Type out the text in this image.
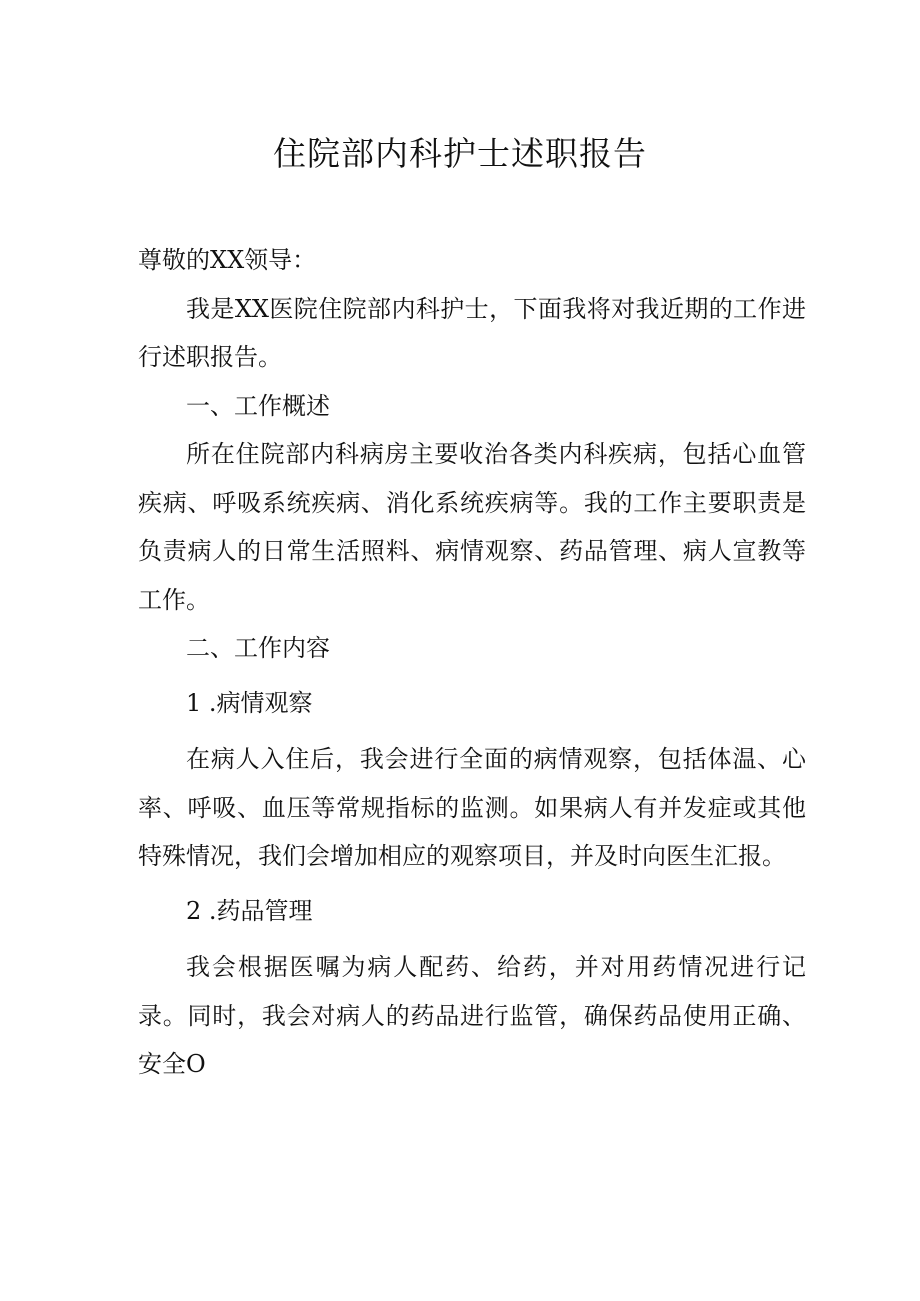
住院部内科护士述职报告

尊敬的XX领导：

我是XX医院住院部内科护士，下面我将对我近期的工作进行述职报告。

一、工作概述

所在住院部内科病房主要收治各类内科疾病，包括心血管疾病、呼吸系统疾病、消化系统疾病等。我的工作主要职责是负责病人的日常生活照料、病情观察、药品管理、病人宣教等工作。

二、工作内容

1 .病情观察

在病人入住后，我会进行全面的病情观察，包括体温、心率、呼吸、血压等常规指标的监测。如果病人有并发症或其他特殊情况，我们会增加相应的观察项目，并及时向医生汇报。

2 .药品管理

我会根据医嘱为病人配药、给药，并对用药情况进行记录。同时，我会对病人的药品进行监管，确保药品使用正确、安全O
